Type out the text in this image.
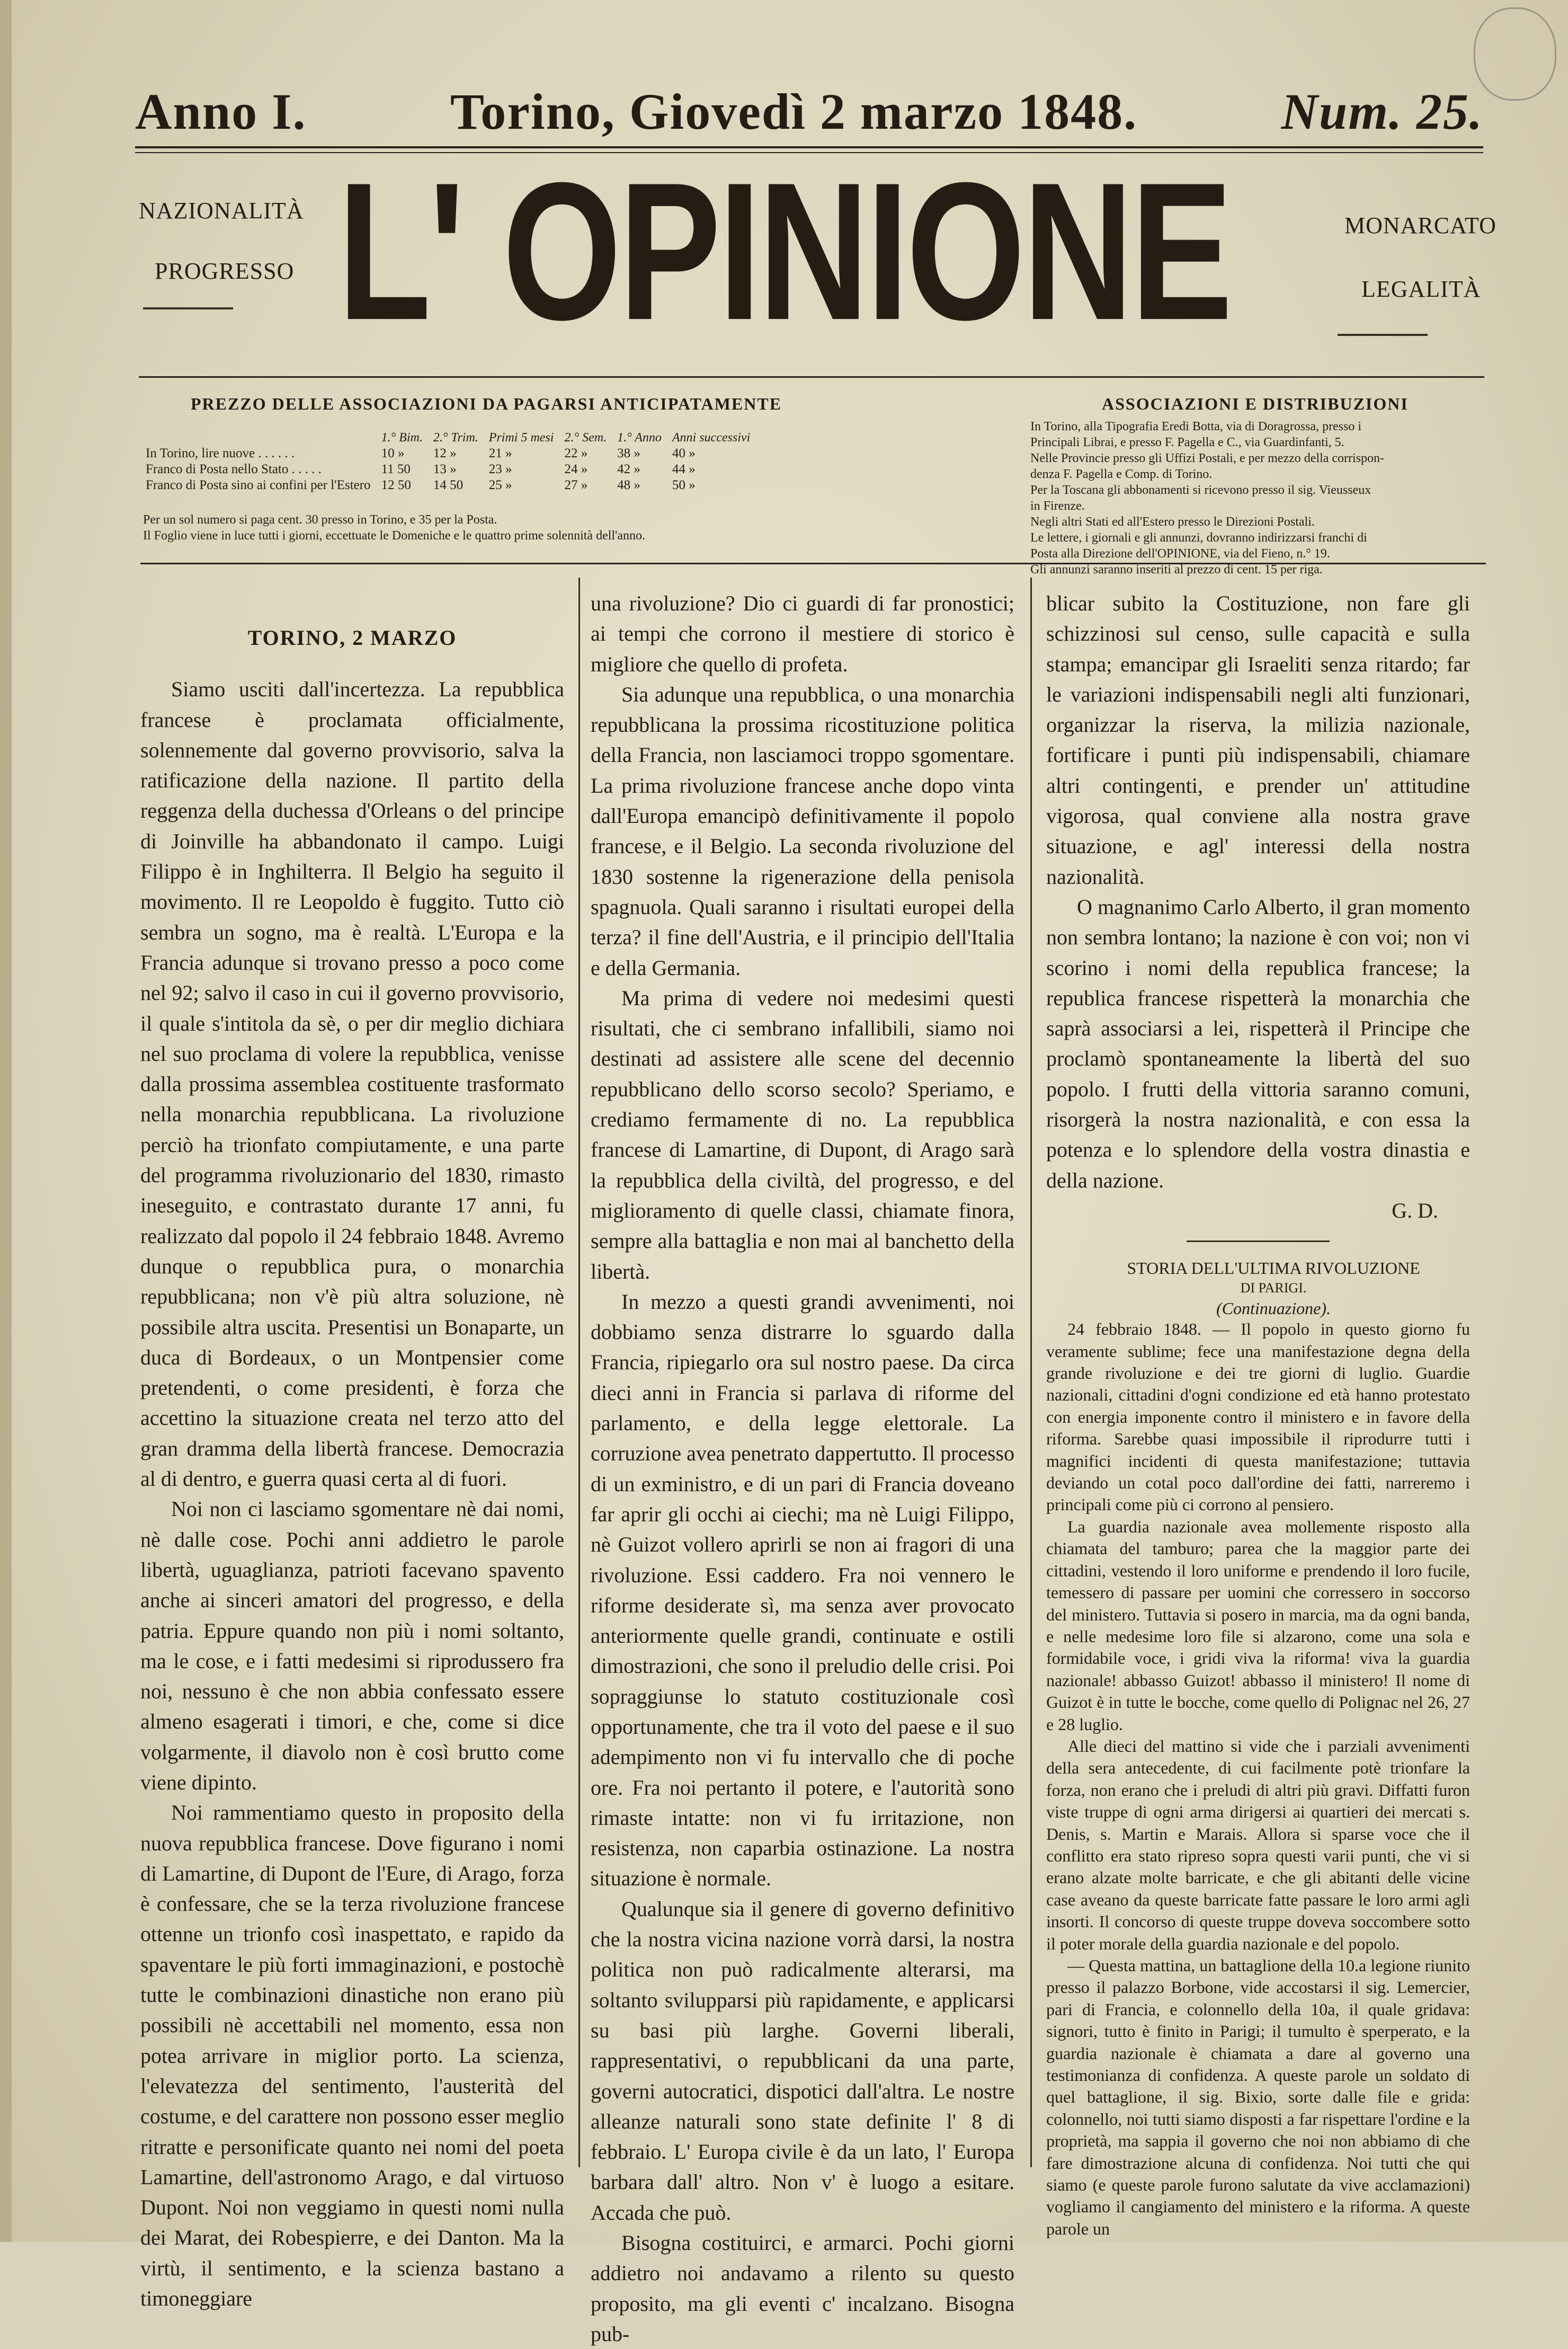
Anno I.	Torino, Giovedì 2 marzo 1848.	Num. 25.
L' OPINIONE
NAZIONALITÀ
PROGRESSO
MONARCATO
LEGALITÀ
PREZZO DELLE ASSOCIAZIONI DA PAGARSI ANTICIPATAMENTE
	1.° Bim.	2.° Trim.	Primi 5 mesi	2.° Sem.	1.° Anno	Anni successivi
In Torino, lire nuove . . . . . .	10 »	12 »	21 »	22 »	38 »	40 »
Franco di Posta nello Stato . . . . .	11 50	13 »	23 »	24 »	42 »	44 »
Franco di Posta sino ai confini per l'Estero	12 50	14 50	25 »	27 »	48 »	50 »
Per un sol numero si paga cent. 30 presso in Torino, e 35 per la Posta.
Il Foglio viene in luce tutti i giorni, eccettuate le Domeniche e le quattro prime solennità dell'anno.
ASSOCIAZIONI E DISTRIBUZIONI
In Torino, alla Tipografia Eredi Botta, via di Doragrossa, presso i
Principali Librai, e presso F. Pagella e C., via Guardinfanti, 5.
Nelle Provincie presso gli Uffizi Postali, e per mezzo della corrispon-
denza F. Pagella e Comp. di Torino.
Per la Toscana gli abbonamenti si ricevono presso il sig. Vieusseux
in Firenze.
Negli altri Stati ed all'Estero presso le Direzioni Postali.
Le lettere, i giornali e gli annunzi, dovranno indirizzarsi franchi di
Posta alla Direzione dell'OPINIONE, via del Fieno, n.° 19.
Gli annunzi saranno inseriti al prezzo di cent. 15 per riga.
TORINO, 2 MARZO

Siamo usciti dall'incertezza. La repubblica francese è proclamata officialmente, solennemente dal governo provvisorio, salva la ratificazione della nazione. Il partito della reggenza della duchessa d'Orleans o del principe di Joinville ha abbandonato il campo. Luigi Filippo è in Inghilterra. Il Belgio ha seguito il movimento. Il re Leopoldo è fuggito. Tutto ciò sembra un sogno, ma è realtà. L'Europa e la Francia adunque si trovano presso a poco come nel 92; salvo il caso in cui il governo provvisorio, il quale s'intitola da sè, o per dir meglio dichiara nel suo proclama di volere la repubblica, venisse dalla prossima assemblea costituente trasformato nella monarchia repubblicana. La rivoluzione perciò ha trionfato compiutamente, e una parte del programma rivoluzionario del 1830, rimasto ineseguito, e contrastato durante 17 anni, fu realizzato dal popolo il 24 febbraio 1848. Avremo dunque o repubblica pura, o monarchia repubblicana; non v'è più altra soluzione, nè possibile altra uscita. Presentisi un Bonaparte, un duca di Bordeaux, o un Montpensier come pretendenti, o come presidenti, è forza che accettino la situazione creata nel terzo atto del gran dramma della libertà francese. Democrazia al di dentro, e guerra quasi certa al di fuori.

Noi non ci lasciamo sgomentare nè dai nomi, nè dalle cose. Pochi anni addietro le parole libertà, uguaglianza, patrioti facevano spavento anche ai sinceri amatori del progresso, e della patria. Eppure quando non più i nomi soltanto, ma le cose, e i fatti medesimi si riprodussero fra noi, nessuno è che non abbia confessato essere almeno esagerati i timori, e che, come si dice volgarmente, il diavolo non è così brutto come viene dipinto.

Noi rammentiamo questo in proposito della nuova repubblica francese. Dove figurano i nomi di Lamartine, di Dupont de l'Eure, di Arago, forza è confessare, che se la terza rivoluzione francese ottenne un trionfo così inaspettato, e rapido da spaventare le più forti immaginazioni, e postochè tutte le combinazioni dinastiche non erano più possibili nè accettabili nel momento, essa non potea arrivare in miglior porto. La scienza, l'elevatezza del sentimento, l'austerità del costume, e del carattere non possono esser meglio ritratte e personificate quanto nei nomi del poeta Lamartine, dell'astronomo Arago, e dal virtuoso Dupont. Noi non veggiamo in questi nomi nulla dei Marat, dei Robespierre, e dei Danton. Ma la virtù, il sentimento, e la scienza bastano a timoneggiare

una rivoluzione? Dio ci guardi di far pronostici; ai tempi che corrono il mestiere di storico è migliore che quello di profeta.

Sia adunque una repubblica, o una monarchia repubblicana la prossima ricostituzione politica della Francia, non lasciamoci troppo sgomentare. La prima rivoluzione francese anche dopo vinta dall'Europa emancipò definitivamente il popolo francese, e il Belgio. La seconda rivoluzione del 1830 sostenne la rigenerazione della penisola spagnuola. Quali saranno i risultati europei della terza? il fine dell'Austria, e il principio dell'Italia e della Germania.

Ma prima di vedere noi medesimi questi risultati, che ci sembrano infallibili, siamo noi destinati ad assistere alle scene del decennio repubblicano dello scorso secolo? Speriamo, e crediamo fermamente di no. La repubblica francese di Lamartine, di Dupont, di Arago sarà la repubblica della civiltà, del progresso, e del miglioramento di quelle classi, chiamate finora, sempre alla battaglia e non mai al banchetto della libertà.

In mezzo a questi grandi avvenimenti, noi dobbiamo senza distrarre lo sguardo dalla Francia, ripiegarlo ora sul nostro paese. Da circa dieci anni in Francia si parlava di riforme del parlamento, e della legge elettorale. La corruzione avea penetrato dappertutto. Il processo di un exministro, e di un pari di Francia doveano far aprir gli occhi ai ciechi; ma nè Luigi Filippo, nè Guizot vollero aprirli se non ai fragori di una rivoluzione. Essi caddero. Fra noi vennero le riforme desiderate sì, ma senza aver provocato anteriormente quelle grandi, continuate e ostili dimostrazioni, che sono il preludio delle crisi. Poi sopraggiunse lo statuto costituzionale così opportunamente, che tra il voto del paese e il suo adempimento non vi fu intervallo che di poche ore. Fra noi pertanto il potere, e l'autorità sono rimaste intatte: non vi fu irritazione, non resistenza, non caparbia ostinazione. La nostra situazione è normale.

Qualunque sia il genere di governo definitivo che la nostra vicina nazione vorrà darsi, la nostra politica non può radicalmente alterarsi, ma soltanto svilupparsi più rapidamente, e applicarsi su basi più larghe. Governi liberali, rappresentativi, o repubblicani da una parte, governi autocratici, dispotici dall'altra. Le nostre alleanze naturali sono state definite l' 8 di febbraio. L' Europa civile è da un lato, l' Europa barbara dall' altro. Non v' è luogo a esitare. Accada che può.

Bisogna costituirci, e armarci. Pochi giorni addietro noi andavamo a rilento su questo proposito, ma gli eventi c' incalzano. Bisogna pub-

blicar subito la Costituzione, non fare gli schizzinosi sul censo, sulle capacità e sulla stampa; emancipar gli Israeliti senza ritardo; far le variazioni indispensabili negli alti funzionari, organizzar la riserva, la milizia nazionale, fortificare i punti più indispensabili, chiamare altri contingenti, e prender un' attitudine vigorosa, qual conviene alla nostra grave situazione, e agl' interessi della nostra nazionalità.

O magnanimo Carlo Alberto, il gran momento non sembra lontano; la nazione è con voi; non vi scorino i nomi della republica francese; la republica francese rispetterà la monarchia che saprà associarsi a lei, rispetterà il Principe che proclamò spontaneamente la libertà del suo popolo. I frutti della vittoria saranno comuni, risorgerà la nostra nazionalità, e con essa la potenza e lo splendore della vostra dinastia e della nazione.

G. D.

STORIA DELL'ULTIMA RIVOLUZIONE

DI PARIGI.

(Continuazione).

24 febbraio 1848. — Il popolo in questo giorno fu veramente sublime; fece una manifestazione degna della grande rivoluzione e dei tre giorni di luglio. Guardie nazionali, cittadini d'ogni condizione ed età hanno protestato con energia imponente contro il ministero e in favore della riforma. Sarebbe quasi impossibile il riprodurre tutti i magnifici incidenti di questa manifestazione; tuttavia deviando un cotal poco dall'ordine dei fatti, narreremo i principali come più ci corrono al pensiero.

La guardia nazionale avea mollemente risposto alla chiamata del tamburo; parea che la maggior parte dei cittadini, vestendo il loro uniforme e prendendo il loro fucile, temessero di passare per uomini che corressero in soccorso del ministero. Tuttavia si posero in marcia, ma da ogni banda, e nelle medesime loro file si alzarono, come una sola e formidabile voce, i gridi viva la riforma! viva la guardia nazionale! abbasso Guizot! abbasso il ministero! Il nome di Guizot è in tutte le bocche, come quello di Polignac nel 26, 27 e 28 luglio.

Alle dieci del mattino si vide che i parziali avvenimenti della sera antecedente, di cui facilmente potè trionfare la forza, non erano che i preludi di altri più gravi. Diffatti furon viste truppe di ogni arma dirigersi ai quartieri dei mercati s. Denis, s. Martin e Marais. Allora si sparse voce che il conflitto era stato ripreso sopra questi varii punti, che vi si erano alzate molte barricate, e che gli abitanti delle vicine case aveano da queste barricate fatte passare le loro armi agli insorti. Il concorso di queste truppe doveva soccombere sotto il poter morale della guardia nazionale e del popolo.

— Questa mattina, un battaglione della 10.a legione riunito presso il palazzo Borbone, vide accostarsi il sig. Lemercier, pari di Francia, e colonnello della 10a, il quale gridava: signori, tutto è finito in Parigi; il tumulto è sperperato, e la guardia nazionale è chiamata a dare al governo una testimonianza di confidenza. A queste parole un soldato di quel battaglione, il sig. Bixio, sorte dalle file e grida: colonnello, noi tutti siamo disposti a far rispettare l'ordine e la proprietà, ma sappia il governo che noi non abbiamo di che fare dimostrazione alcuna di confidenza. Noi tutti che qui siamo (e queste parole furono salutate da vive acclamazioni) vogliamo il cangiamento del ministero e la riforma. A queste parole un
